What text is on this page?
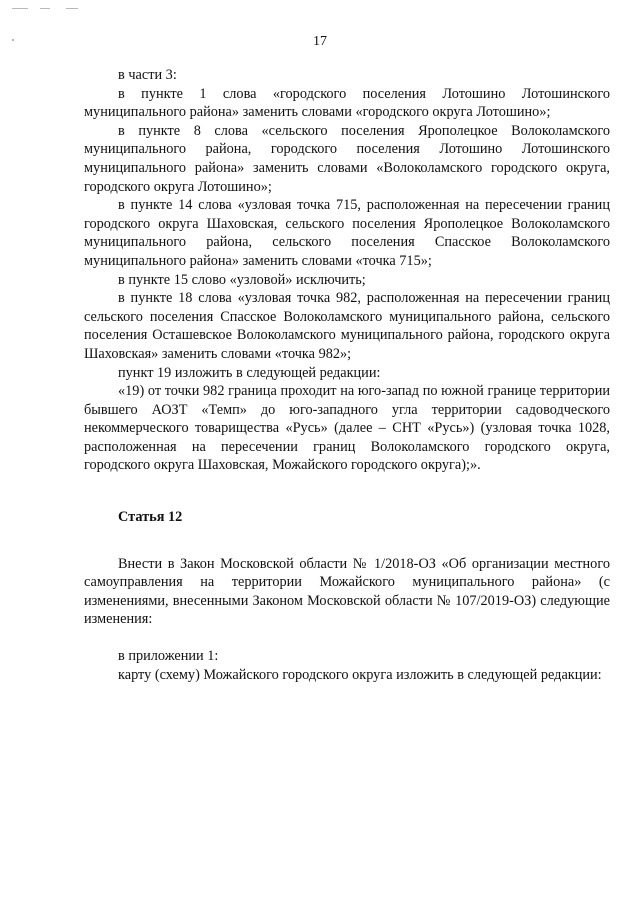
17

в части 3:

в пункте 1 слова «городского поселения Лотошино Лотошинского муниципального района» заменить словами «городского округа Лотошино»;

в пункте 8 слова «сельского поселения Ярополецкое Волоколамского муниципального района, городского поселения Лотошино Лотошинского муниципального района» заменить словами «Волоколамского городского округа, городского округа Лотошино»;

в пункте 14 слова «узловая точка 715, расположенная на пересечении границ городского округа Шаховская, сельского поселения Ярополецкое Волоколамского муниципального района, сельского поселения Спасское Волоколамского муниципального района» заменить словами «точка 715»;

в пункте 15 слово «узловой» исключить;

в пункте 18 слова «узловая точка 982, расположенная на пересечении границ сельского поселения Спасское Волоколамского муниципального района, сельского поселения Осташевское Волоколамского муниципального района, городского округа Шаховская» заменить словами «точка 982»;

пункт 19 изложить в следующей редакции:

«19) от точки 982 граница проходит на юго-запад по южной границе территории бывшего АОЗТ «Темп» до юго-западного угла территории садоводческого некоммерческого товарищества «Русь» (далее – СНТ «Русь») (узловая точка 1028, расположенная на пересечении границ Волоколамского городского округа, городского округа Шаховская, Можайского городского округа);».

Статья 12

Внести в Закон Московской области № 1/2018-ОЗ «Об организации местного самоуправления на территории Можайского муниципального района» (с изменениями, внесенными Законом Московской области № 107/2019-ОЗ) следующие изменения:

в приложении 1:

карту (схему) Можайского городского округа изложить в следующей редакции:
